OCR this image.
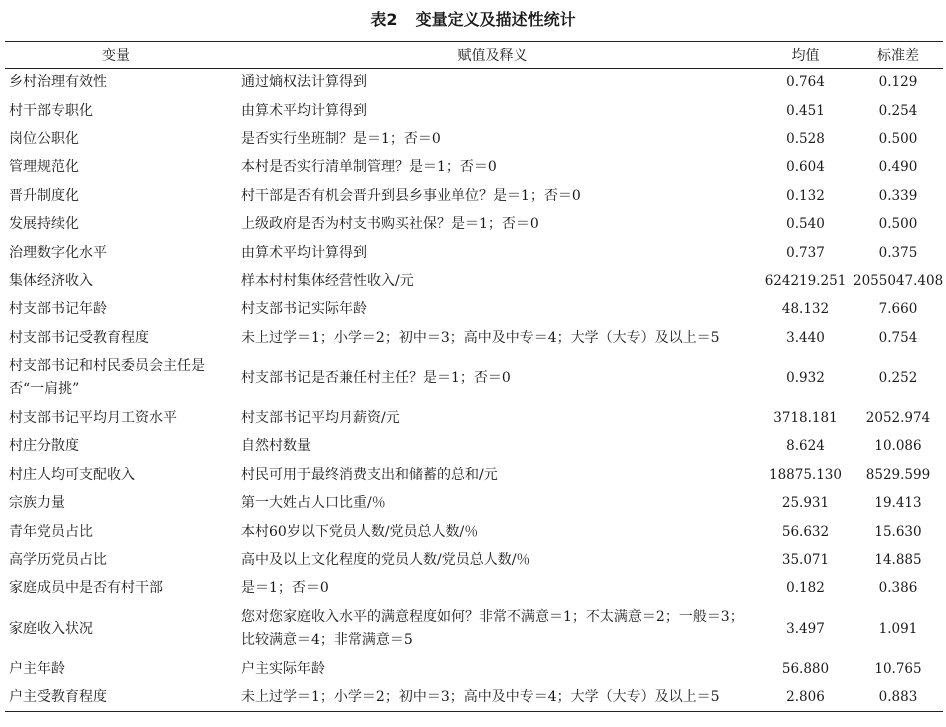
表2 变量定义及描述性统计
变量	赋值及释义	均值	标准差
乡村治理有效性	通过熵权法计算得到	0.764	0.129
村干部专职化	由算术平均计算得到	0.451	0.254
岗位公职化	是否实行坐班制？是＝1；否＝0	0.528	0.500
管理规范化	本村是否实行清单制管理？是＝1；否＝0	0.604	0.490
晋升制度化	村干部是否有机会晋升到县乡事业单位？是＝1；否＝0	0.132	0.339
发展持续化	上级政府是否为村支书购买社保？是＝1；否＝0	0.540	0.500
治理数字化水平	由算术平均计算得到	0.737	0.375
集体经济收入	样本村村集体经营性收入/元	624219.251	2055047.408
村支部书记年龄	村支部书记实际年龄	48.132	7.660
村支部书记受教育程度	未上过学＝1；小学＝2；初中＝3；高中及中专＝4；大学（大专）及以上＝5	3.440	0.754
村支部书记和村民委员会主任是否“一肩挑”	村支部书记是否兼任村主任？是＝1；否＝0	0.932	0.252
村支部书记平均月工资水平	村支部书记平均月薪资/元	3718.181	2052.974
村庄分散度	自然村数量	8.624	10.086
村庄人均可支配收入	村民可用于最终消费支出和储蓄的总和/元	18875.130	8529.599
宗族力量	第一大姓占人口比重/％	25.931	19.413
青年党员占比	本村60岁以下党员人数/党员总人数/％	56.632	15.630
高学历党员占比	高中及以上文化程度的党员人数/党员总人数/％	35.071	14.885
家庭成员中是否有村干部	是＝1；否＝0	0.182	0.386
家庭收入状况	您对您家庭收入水平的满意程度如何？非常不满意＝1；不太满意＝2；一般＝3；比较满意＝4；非常满意＝5	3.497	1.091
户主年龄	户主实际年龄	56.880	10.765
户主受教育程度	未上过学＝1；小学＝2；初中＝3；高中及中专＝4；大学（大专）及以上＝5	2.806	0.883
